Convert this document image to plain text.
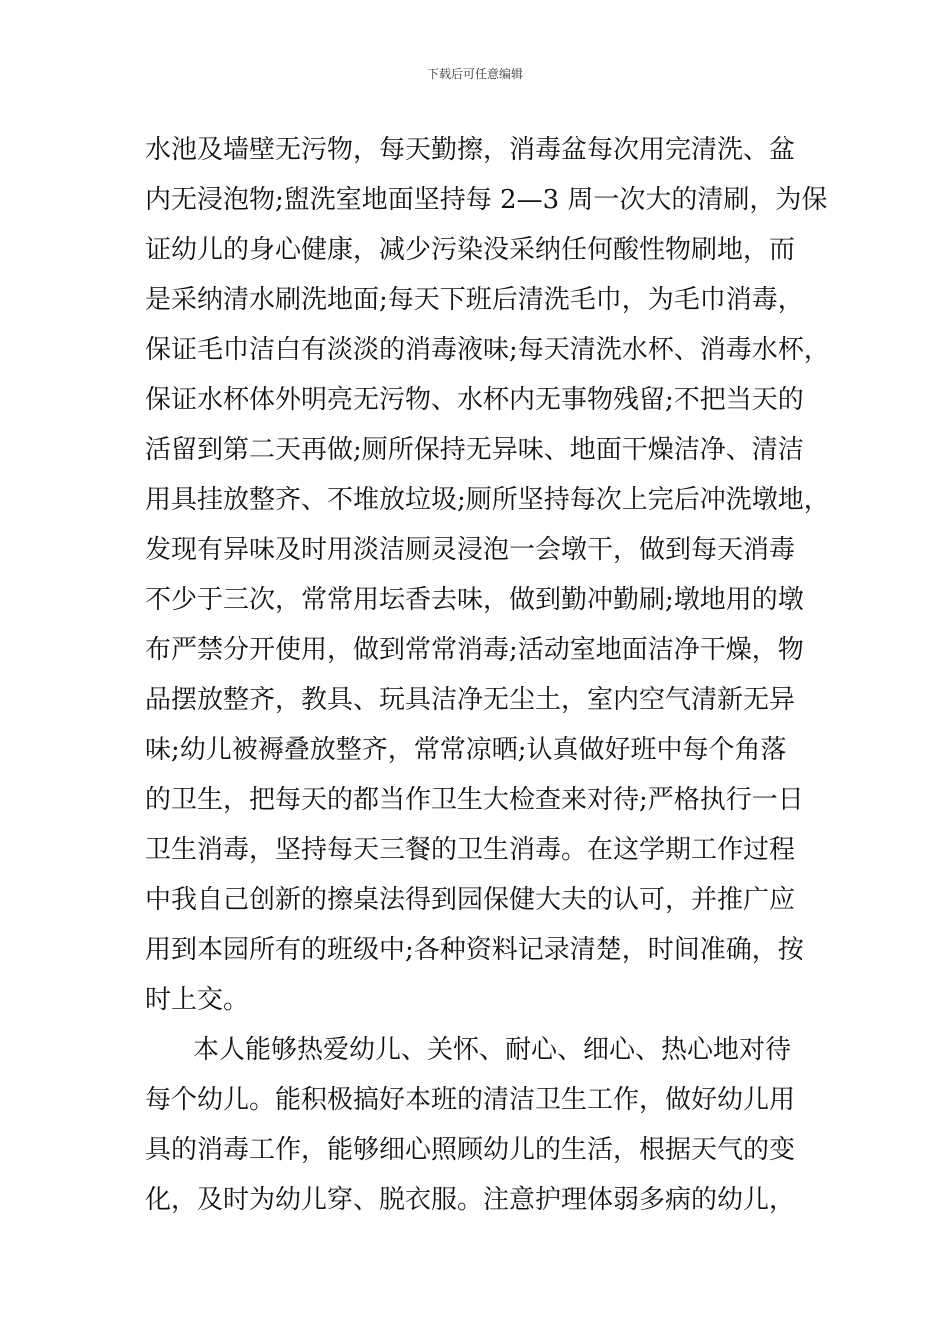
下载后可任意编辑
水池及墙壁无污物，每天勤擦，消毒盆每次用完清洗、盆
内无浸泡物;盥洗室地面坚持每 2—3 周一次大的清刷，为保
证幼儿的身心健康，减少污染没采纳任何酸性物刷地，而
是采纳清水刷洗地面;每天下班后清洗毛巾，为毛巾消毒，
保证毛巾洁白有淡淡的消毒液味;每天清洗水杯、消毒水杯，
保证水杯体外明亮无污物、水杯内无事物残留;不把当天的
活留到第二天再做;厕所保持无异味、地面干燥洁净、清洁
用具挂放整齐、不堆放垃圾;厕所坚持每次上完后冲洗墩地，
发现有异味及时用淡洁厕灵浸泡一会墩干，做到每天消毒
不少于三次，常常用坛香去味，做到勤冲勤刷;墩地用的墩
布严禁分开使用，做到常常消毒;活动室地面洁净干燥，物
品摆放整齐，教具、玩具洁净无尘土，室内空气清新无异
味;幼儿被褥叠放整齐，常常凉晒;认真做好班中每个角落
的卫生，把每天的都当作卫生大检查来对待;严格执行一日
卫生消毒，坚持每天三餐的卫生消毒。在这学期工作过程
中我自己创新的擦桌法得到园保健大夫的认可，并推广应
用到本园所有的班级中;各种资料记录清楚，时间准确，按
时上交。
本人能够热爱幼儿、关怀、耐心、细心、热心地对待
每个幼儿。能积极搞好本班的清洁卫生工作，做好幼儿用
具的消毒工作，能够细心照顾幼儿的生活，根据天气的变
化，及时为幼儿穿、脱衣服。注意护理体弱多病的幼儿，
